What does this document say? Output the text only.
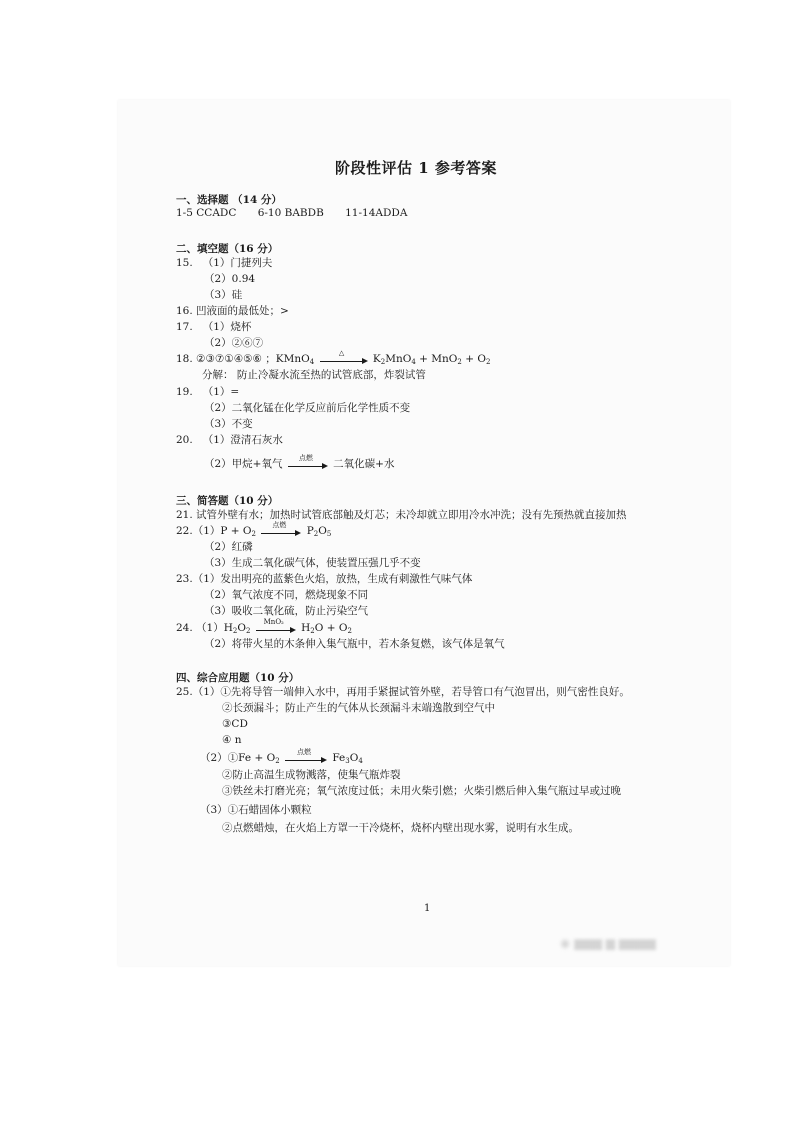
阶段性评估 1 参考答案
一、选择题 （14 分）
1-5 CCADC 6-10 BABDB 11-14ADDA
二、填空题（16 分）
15. （1）门捷列夫
（2）0.94
（3）硅
16. 凹液面的最低处；>
17. （1）烧杯
（2）②⑥⑦
18. ②③⑦①④⑤⑥ ；KMnO$_4$
△	$K_2MnO_4 + MnO_2 + O_2$
分解： 防止冷凝水流至热的试管底部，炸裂试管
19. （1）=
（2）二氧化锰在化学反应前后化学性质不变
（3）不变
20. （1）澄清石灰水
（2）甲烷+氧气	点燃	二氧化碳+水
三、简答题（10 分）
21. 试管外壁有水；加热时试管底部触及灯芯；未冷却就立即用冷水冲洗；没有先预热就直接加热
$22.(1)P + O_2$
点燃	$P_2O_5$
（2）红磷
（3）生成二氧化碳气体，使装置压强几乎不变
23.（1）发出明亮的蓝紫色火焰，放热，生成有刺激性气味气体
（2）氧气浓度不同，燃烧现象不同
（3）吸收二氧化硫，防止污染空气
24. $(1)H_2O_2$
MnO₂	$H_2O + O_2$
（2）将带火星的木条伸入集气瓶中，若木条复燃，该气体是氧气
四、综合应用题（10 分）
25.（1）①先将导管一端伸入水中，再用手紧握试管外壁，若导管口有气泡冒出，则气密性良好。
②长颈漏斗；防止产生的气体从长颈漏斗末端逸散到空气中
③CD
④ n
（2）①Fe + $O_2$
点燃	$Fe_3O_4$
②防止高温生成物溅落，使集气瓶炸裂
③铁丝未打磨光亮；氧气浓度过低；未用火柴引燃；火柴引燃后伸入集气瓶过早或过晚
（3）①石蜡固体小颗粒
②点燃蜡烛，在火焰上方罩一干冷烧杯，烧杯内壁出现水雾，说明有水生成。
1
◉ ▆▆▆ ▆ ▆▆▆▆
